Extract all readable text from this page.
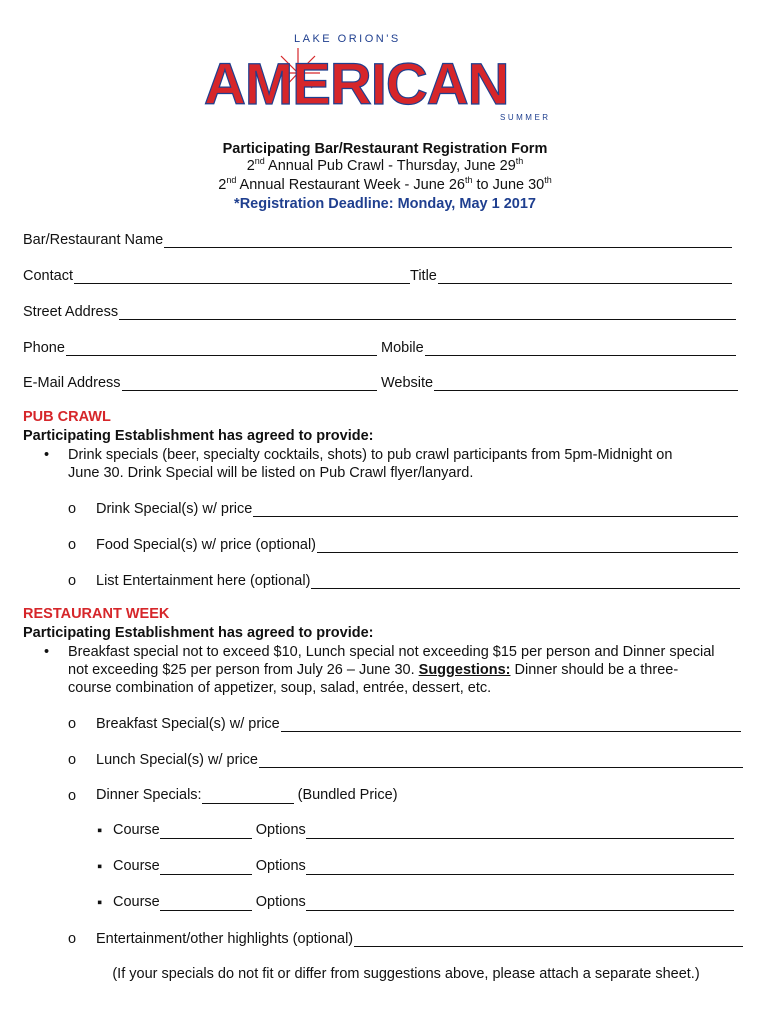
LAKE ORION'S
AMERICAN
SUMMER
Participating Bar/Restaurant Registration Form
2nd Annual Pub Crawl - Thursday, June 29th
2nd Annual Restaurant Week - June 26th to June 30th
*Registration Deadline: Monday, May 1 2017
Bar/Restaurant Name
Contact	Title
Street Address
Phone	Mobile
E-Mail Address	Website
PUB CRAWL
Participating Establishment has agreed to provide:
• Drink specials (beer, specialty cocktails, shots) to pub crawl participants from 5pm-Midnight on
June 30. Drink Special will be listed on Pub Crawl flyer/lanyard.
o Drink Special(s) w/ price
o Food Special(s) w/ price (optional)
o List Entertainment here (optional)
RESTAURANT WEEK
Participating Establishment has agreed to provide:
• Breakfast special not to exceed $10, Lunch special not exceeding $15 per person and Dinner special
not exceeding $25 per person from July 26 – June 30. Suggestions: Dinner should be a three-
course combination of appetizer, soup, salad, entrée, dessert, etc.
o Breakfast Special(s) w/ price
o Lunch Special(s) w/ price
o Dinner Specials:	(Bundled Price)
▪ Course	Options
▪ Course	Options
▪ Course	Options
o Entertainment/other highlights (optional)
(If your specials do not fit or differ from suggestions above, please attach a separate sheet.)
